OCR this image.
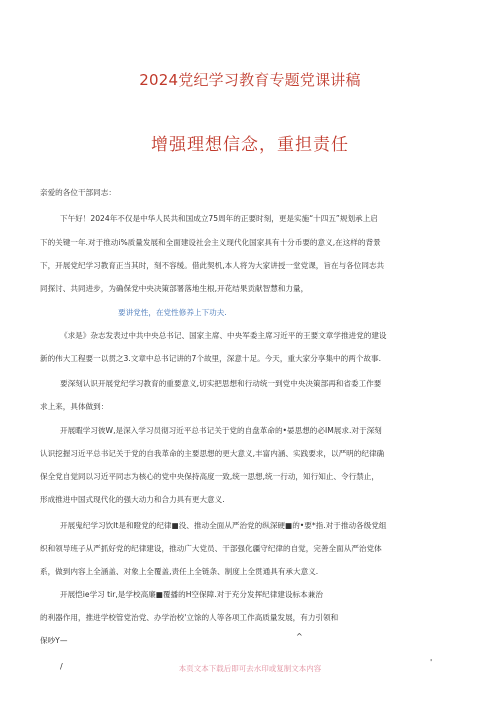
2024党纪学习教育专题党课讲稿
增强理想信念，重担责任
亲爱的各位干部同志：
下午好！2024年不仅是中华人民共和国成立75周年的正要时刻，更是实施“十四五”规划承上启
下的关键一年.对于推动i%质量发展和全面建设社会主义现代化国家具有十分币要的意义,在这样的背景
下，开展党纪学习教育正当其时，刻不容缓。借此契机,本人将为大家讲授一堂党课，旨在与各位同志共
同探讨、共同进步，为确保党中央决策部署落地生根,开花结果贡献智慧和力量，
要讲党性，在党性修养上下功夫.
《求是》杂志发表过中共中央总书记、国家主席、中央军委主席习近平的王要文章学推进党的建设
新的伟大工程要一以贯之3.文章中总书记讲的7个故里，深意十足。今天，重大家分享集中的两个故事.
要深刻认识开展党纪学习教育的重要意义,切实把思想和行动统一到党中央决策部再和省委工作要
求上来，具体做到：
开展暇学习彼W,是深入学习员彻习近平总书记关于党的自盘革命的•晏思想的必IM展求.对于深刻
认识挖握习近平总书记关于党的自我革命的主要思想的更大意义,丰富内涵、实践要求，以严明的纪律确
保全党自觉同以习近平同志为核心的党中央保持高度一致,统一思想,统一行动，知行知止、令行禁止，
形成推进中国式现代化的强大动力和合力具有更大意义.
开展鬼纪学习饮It是和瞪党的纪律■没、推动全面从严治党的纵深硬■的•要*指.对于推动各级党组
织和领导班子从严抓好党的纪律建设，推动广大党员、干部强化疆守纪律的自觉，完善全面从严治党体
系，做到内容上全涵盖、对象上全覆盖,责任上全链条、制度上全贯通具有承大意义.
开展恺ie学习 tir,是学校高廉■覆播的H空保障.对于充分发挥纪律建设标本兼治
的利器作用，推进学校管党治党、办学治校'立馀的人等各项工作高质量发展，有力引领和
保吵Y—	^
/	'
本页文本下载后即可去水印或复制文本内容
